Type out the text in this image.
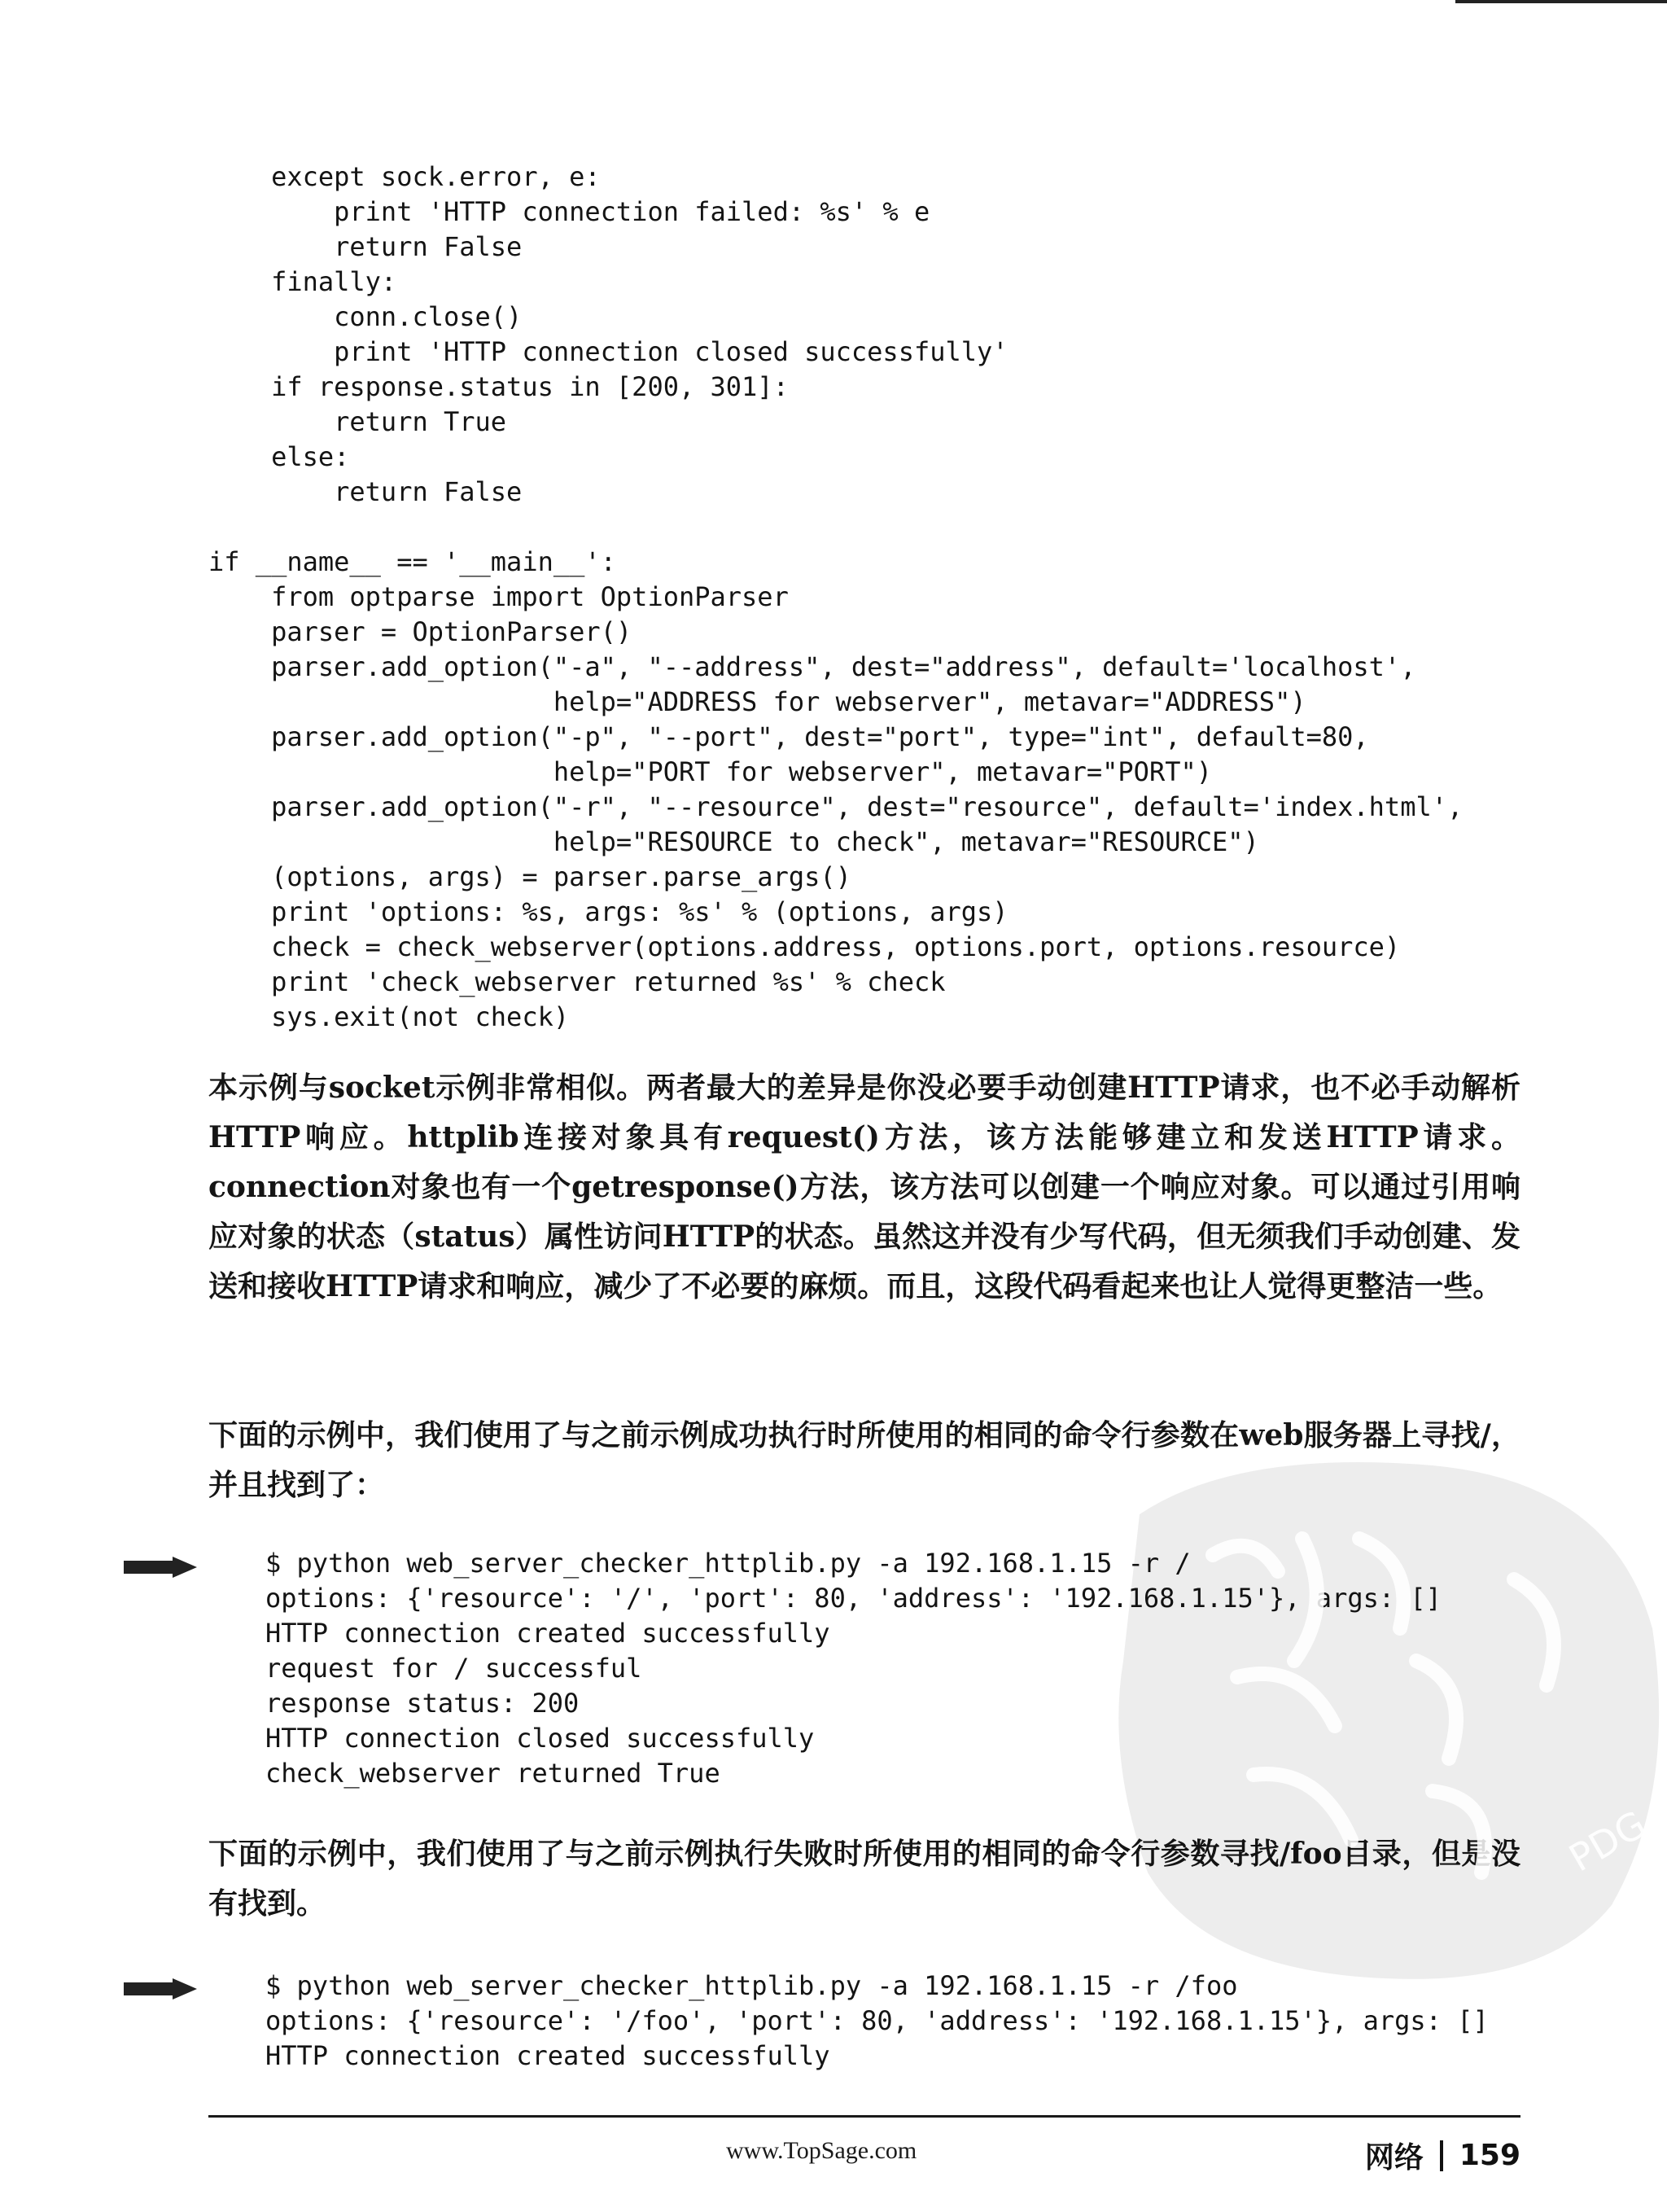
except sock.error, e:
print 'HTTP connection failed: %s' % e
return False
finally:
conn.close()
print 'HTTP connection closed successfully'
if response.status in [200, 301]:
return True
else:
return False

if __name__ == '__main__':
from optparse import OptionParser
parser = OptionParser()
parser.add_option("-a", "--address", dest="address", default='localhost',
help="ADDRESS for webserver", metavar="ADDRESS")
parser.add_option("-p", "--port", dest="port", type="int", default=80,
help="PORT for webserver", metavar="PORT")
parser.add_option("-r", "--resource", dest="resource", default='index.html',
help="RESOURCE to check", metavar="RESOURCE")
(options, args) = parser.parse_args()
print 'options: %s, args: %s' % (options, args)
check = check_webserver(options.address, options.port, options.resource)
print 'check_webserver returned %s' % check
sys.exit(not check)

本示例与socket示例非常相似。两者最大的差异是你没必要手动创建HTTP请求，也不必手动解析HTTP响应。httplib连接对象具有request()方法，该方法能够建立和发送HTTP请求。connection对象也有一个getresponse()方法，该方法可以创建一个响应对象。可以通过引用响应对象的状态（status）属性访问HTTP的状态。虽然这并没有少写代码，但无须我们手动创建、发送和接收HTTP请求和响应，减少了不必要的麻烦。而且，这段代码看起来也让人觉得更整洁一些。

下面的示例中，我们使用了与之前示例成功执行时所使用的相同的命令行参数在web服务器上寻找/，并且找到了：

$ python web_server_checker_httplib.py -a 192.168.1.15 -r /
options: {'resource': '/', 'port': 80, 'address': '192.168.1.15'}, args: []
HTTP connection created successfully
request for / successful
response status: 200
HTTP connection closed successfully
check_webserver returned True

下面的示例中，我们使用了与之前示例执行失败时所使用的相同的命令行参数寻找/foo目录，但是没有找到。

$ python web_server_checker_httplib.py -a 192.168.1.15 -r /foo
options: {'resource': '/foo', 'port': 80, 'address': '192.168.1.15'}, args: []
HTTP connection created successfully
PDG
www.TopSage.com	网络 159
